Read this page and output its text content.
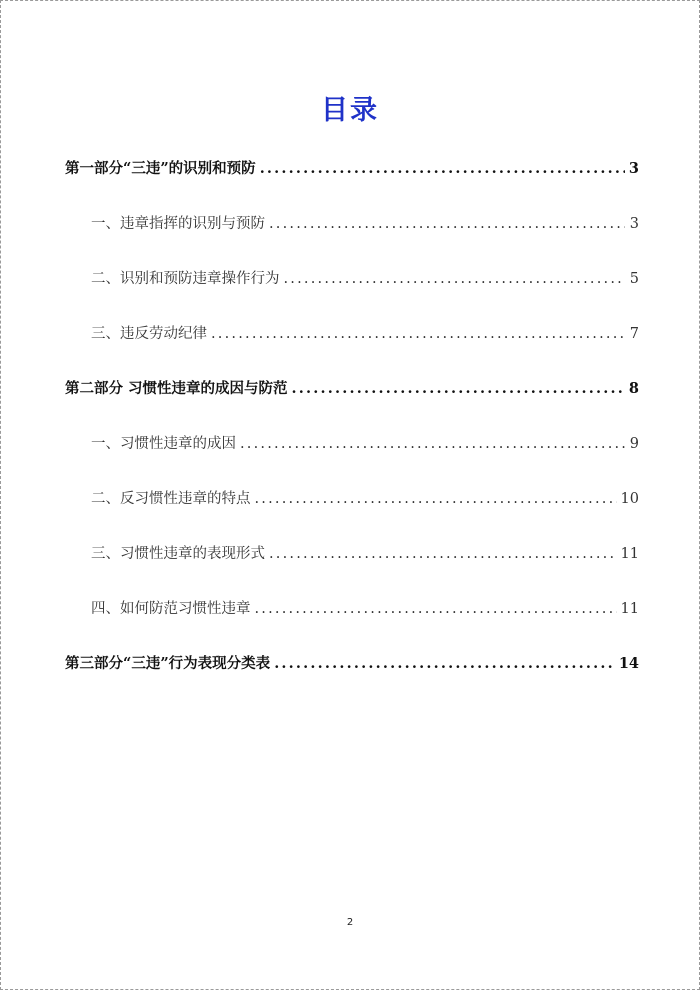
目录
第一部分“三违”的识别和预防 .....	3
一、违章指挥的识别与预防 .....	3
二、识别和预防违章操作行为 .....	5
三、违反劳动纪律 .....	7
第二部分 习惯性违章的成因与防范 .....	8
一、习惯性违章的成因 .....	9
二、反习惯性违章的特点 .....	10
三、习惯性违章的表现形式 .....	11
四、如何防范习惯性违章 .....	11
第三部分“三违”行为表现分类表 .....	14
2
